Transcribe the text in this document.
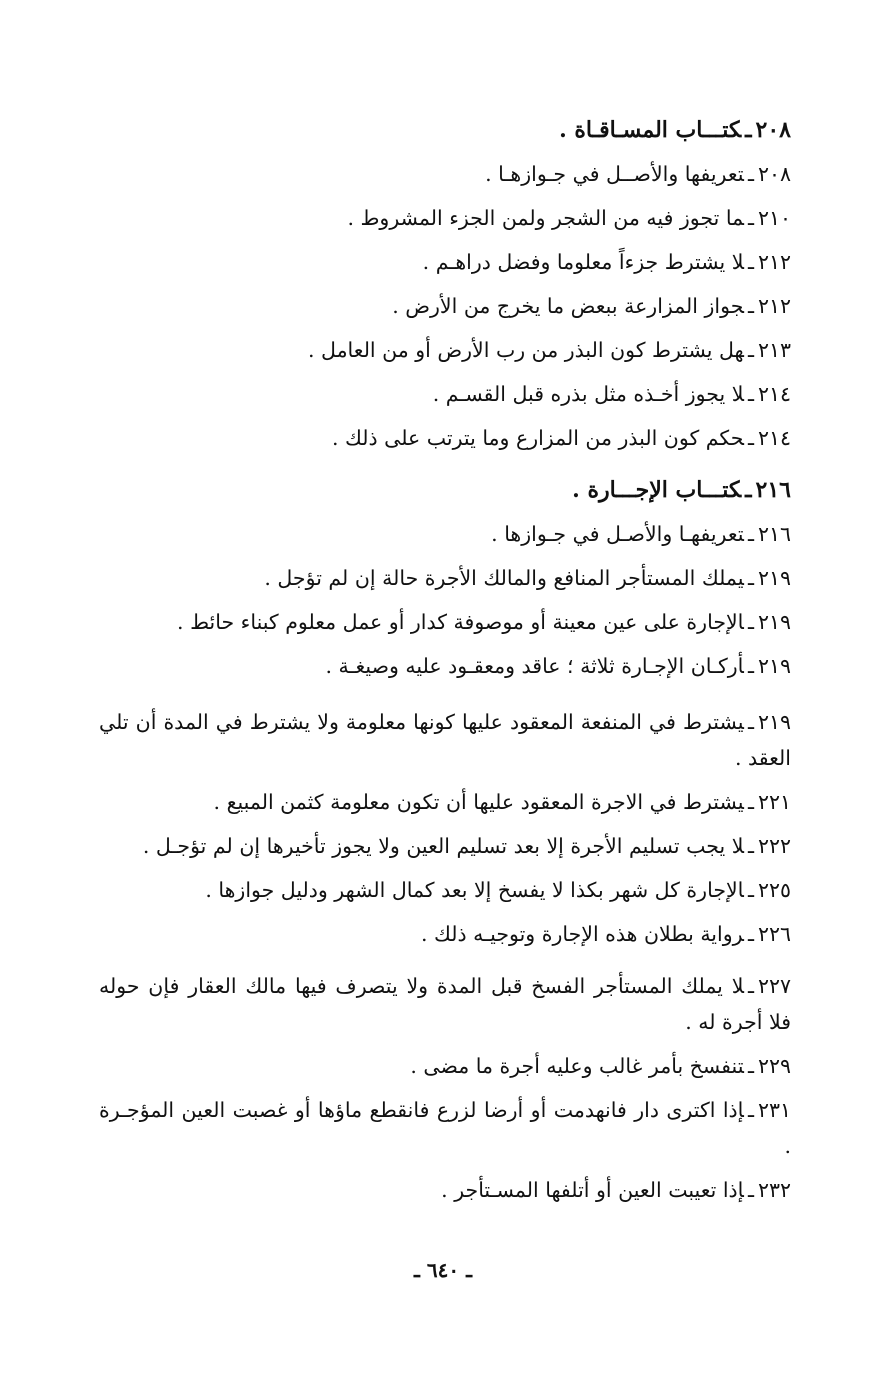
٢٠٨ـكتـــاب المسـاقـاة .
٢٠٨ـتعريفها والأصــل في جـوازهـا .
٢١٠ـما تجوز فيه من الشجر ولمن الجزء المشروط .
٢١٢ـلا يشترط جزءاً معلوما وفضل دراهـم .
٢١٢ـجواز المزارعة ببعض ما يخرج من الأرض .
٢١٣ـهل يشترط كون البذر من رب الأرض أو من العامل .
٢١٤ـلا يجوز أخـذه مثل بذره قبل القسـم .
٢١٤ـحكم كون البذر من المزارع وما يترتب على ذلك .
٢١٦ـكتـــاب الإجـــارة .
٢١٦ـتعريفهـا والأصـل في جـوازها .
٢١٩ـيملك المستأجر المنافع والمالك الأجرة حالة إن لم تؤجل .
٢١٩ـالإجارة على عين معينة أو موصوفة كدار أو عمل معلوم كبناء حائط .
٢١٩ـأركـان الإجـارة ثلاثة ؛ عاقد ومعقـود عليه وصيغـة .
٢١٩ـيشترط في المنفعة المعقود عليها كونها معلومة ولا يشترط في المدة أن تلي العقد .
٢٢١ـيشترط في الاجرة المعقود عليها أن تكون معلومة كثمن المبيع .
٢٢٢ـلا يجب تسليم الأجرة إلا بعد تسليم العين ولا يجوز تأخيرها إن لم تؤجـل .
٢٢٥ـالإجارة كل شهر بكذا لا يفسخ إلا بعد كمال الشهر ودليل جوازها .
٢٢٦ـرواية بطلان هذه الإجارة وتوجيـه ذلك .
٢٢٧ـلا يملك المستأجر الفسخ قبل المدة ولا يتصرف فيها مالك العقار فإن حوله فلا أجرة له .
٢٢٩ـتنفسخ بأمر غالب وعليه أجرة ما مضى .
٢٣١ـإذا اكترى دار فانهدمت أو أرضا لزرع فانقطع ماؤها أو غصبت العين المؤجـرة .
٢٣٢ـإذا تعيبت العين أو أتلفها المسـتأجر .
ـ ٦٤٠ ـ
